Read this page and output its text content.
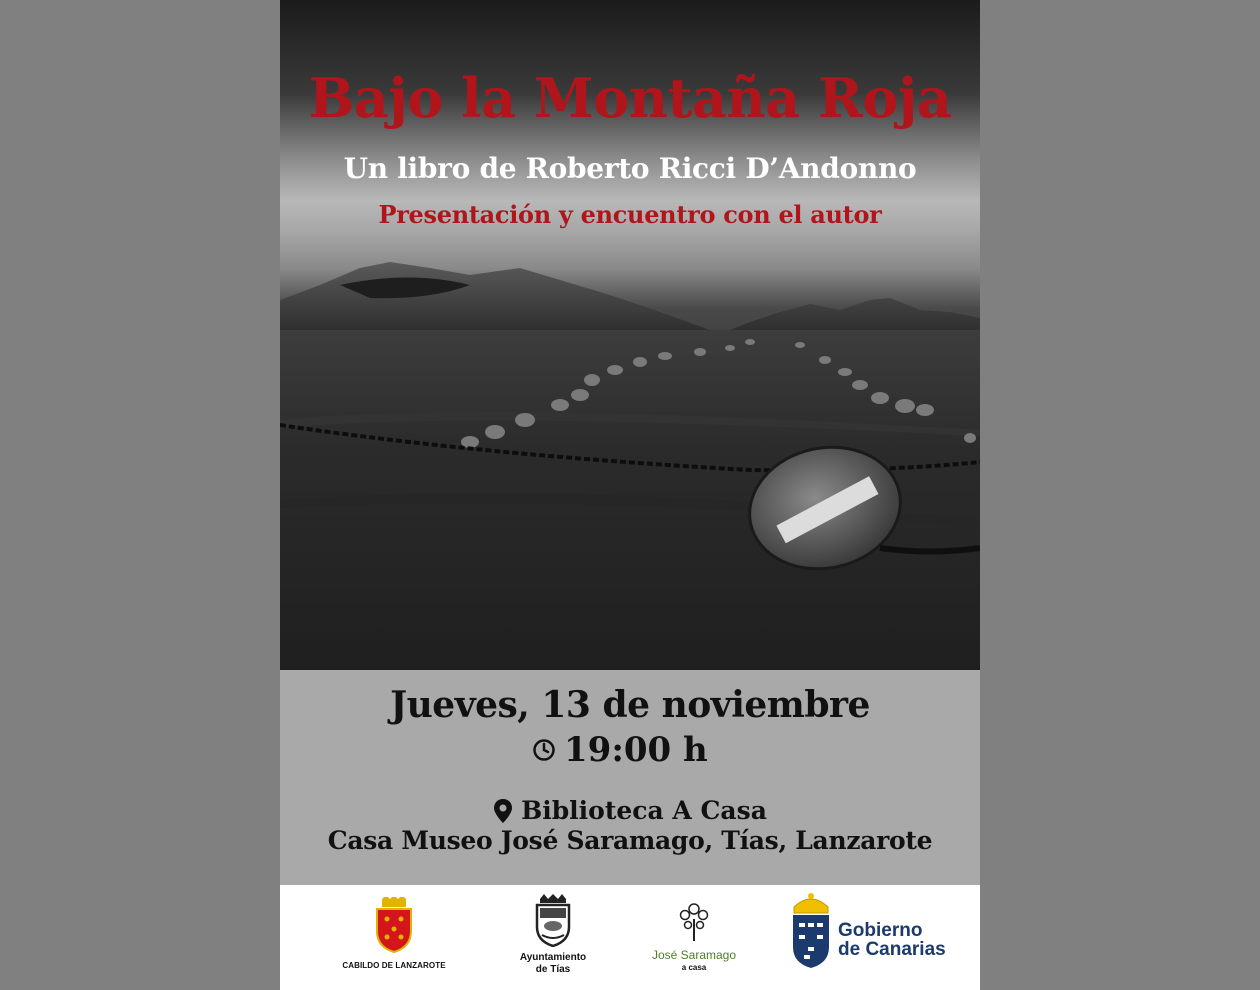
Bajo la Montaña Roja
Un libro de Roberto Ricci D’Andonno
Presentación y encuentro con el autor
Jueves, 13 de noviembre
19:00 h
Biblioteca A Casa
Casa Museo José Saramago, Tías, Lanzarote
CABILDO DE LANZAROTE
Ayuntamiento
de Tías
José Saramago
a casa
Gobierno
de Canarias
